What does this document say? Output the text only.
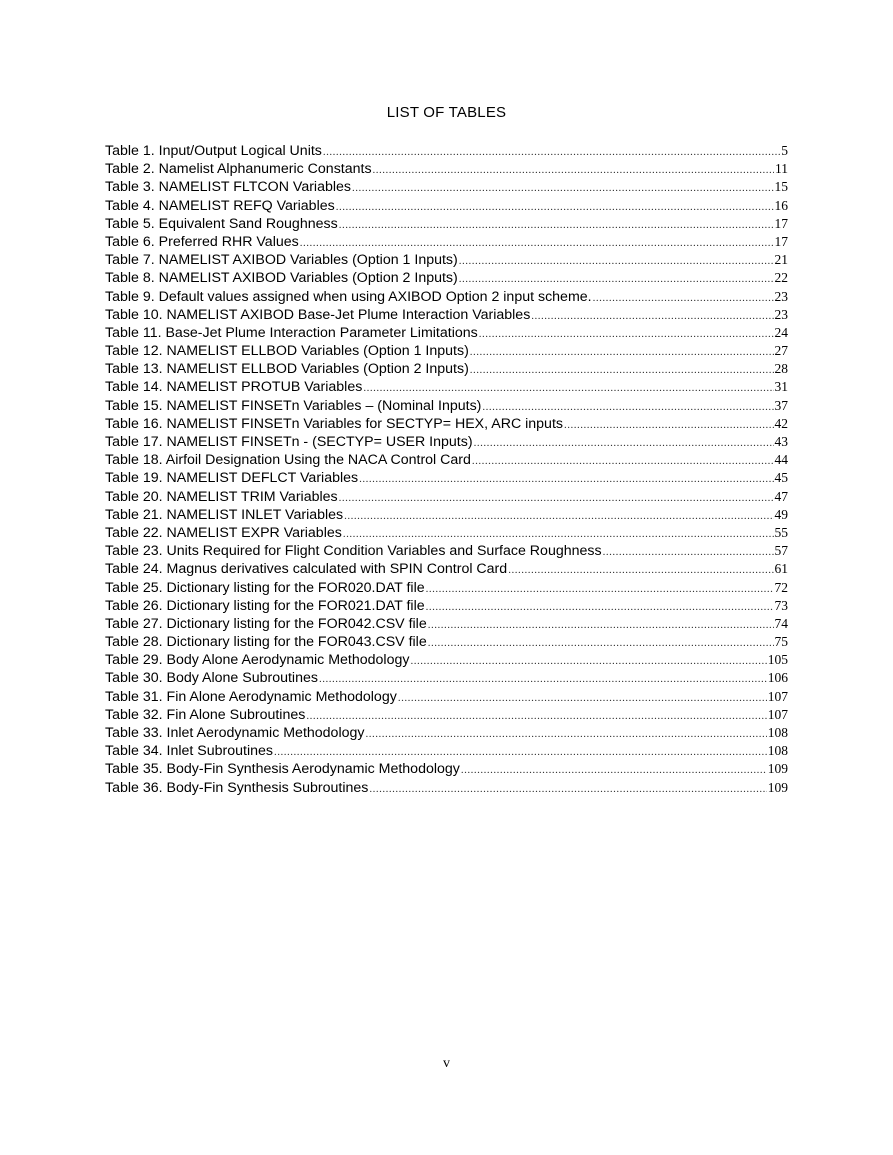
LIST OF TABLES
Table 1. Input/Output Logical Units .....	5
Table 2. Namelist Alphanumeric Constants .....	11
Table 3. NAMELIST FLTCON Variables .....	15
Table 4. NAMELIST REFQ Variables .....	16
Table 5. Equivalent Sand Roughness .....	17
Table 6. Preferred RHR Values .....	17
Table 7. NAMELIST AXIBOD Variables (Option 1 Inputs) .....	21
Table 8. NAMELIST AXIBOD Variables (Option 2 Inputs) .....	22
Table 9. Default values assigned when using AXIBOD Option 2 input scheme. .....	23
Table 10. NAMELIST AXIBOD Base-Jet Plume Interaction Variables .....	23
Table 11. Base-Jet Plume Interaction Parameter Limitations .....	24
Table 12. NAMELIST ELLBOD Variables (Option 1 Inputs) .....	27
Table 13. NAMELIST ELLBOD Variables (Option 2 Inputs) .....	28
Table 14. NAMELIST PROTUB Variables .....	31
Table 15. NAMELIST FINSETn Variables – (Nominal Inputs) .....	37
Table 16. NAMELIST FINSETn Variables for SECTYP= HEX, ARC inputs .....	42
Table 17. NAMELIST FINSETn - (SECTYP= USER Inputs) .....	43
Table 18. Airfoil Designation Using the NACA Control Card .....	44
Table 19. NAMELIST DEFLCT Variables .....	45
Table 20. NAMELIST TRIM Variables .....	47
Table 21. NAMELIST INLET Variables .....	49
Table 22. NAMELIST EXPR Variables .....	55
Table 23. Units Required for Flight Condition Variables and Surface Roughness .....	57
Table 24. Magnus derivatives calculated with SPIN Control Card .....	61
Table 25. Dictionary listing for the FOR020.DAT file .....	72
Table 26. Dictionary listing for the FOR021.DAT file .....	73
Table 27. Dictionary listing for the FOR042.CSV file .....	74
Table 28. Dictionary listing for the FOR043.CSV file .....	75
Table 29. Body Alone Aerodynamic Methodology .....	105
Table 30. Body Alone Subroutines .....	106
Table 31. Fin Alone Aerodynamic Methodology .....	107
Table 32. Fin Alone Subroutines .....	107
Table 33. Inlet Aerodynamic Methodology .....	108
Table 34. Inlet Subroutines .....	108
Table 35. Body-Fin Synthesis Aerodynamic Methodology .....	109
Table 36. Body-Fin Synthesis Subroutines .....	109
v
